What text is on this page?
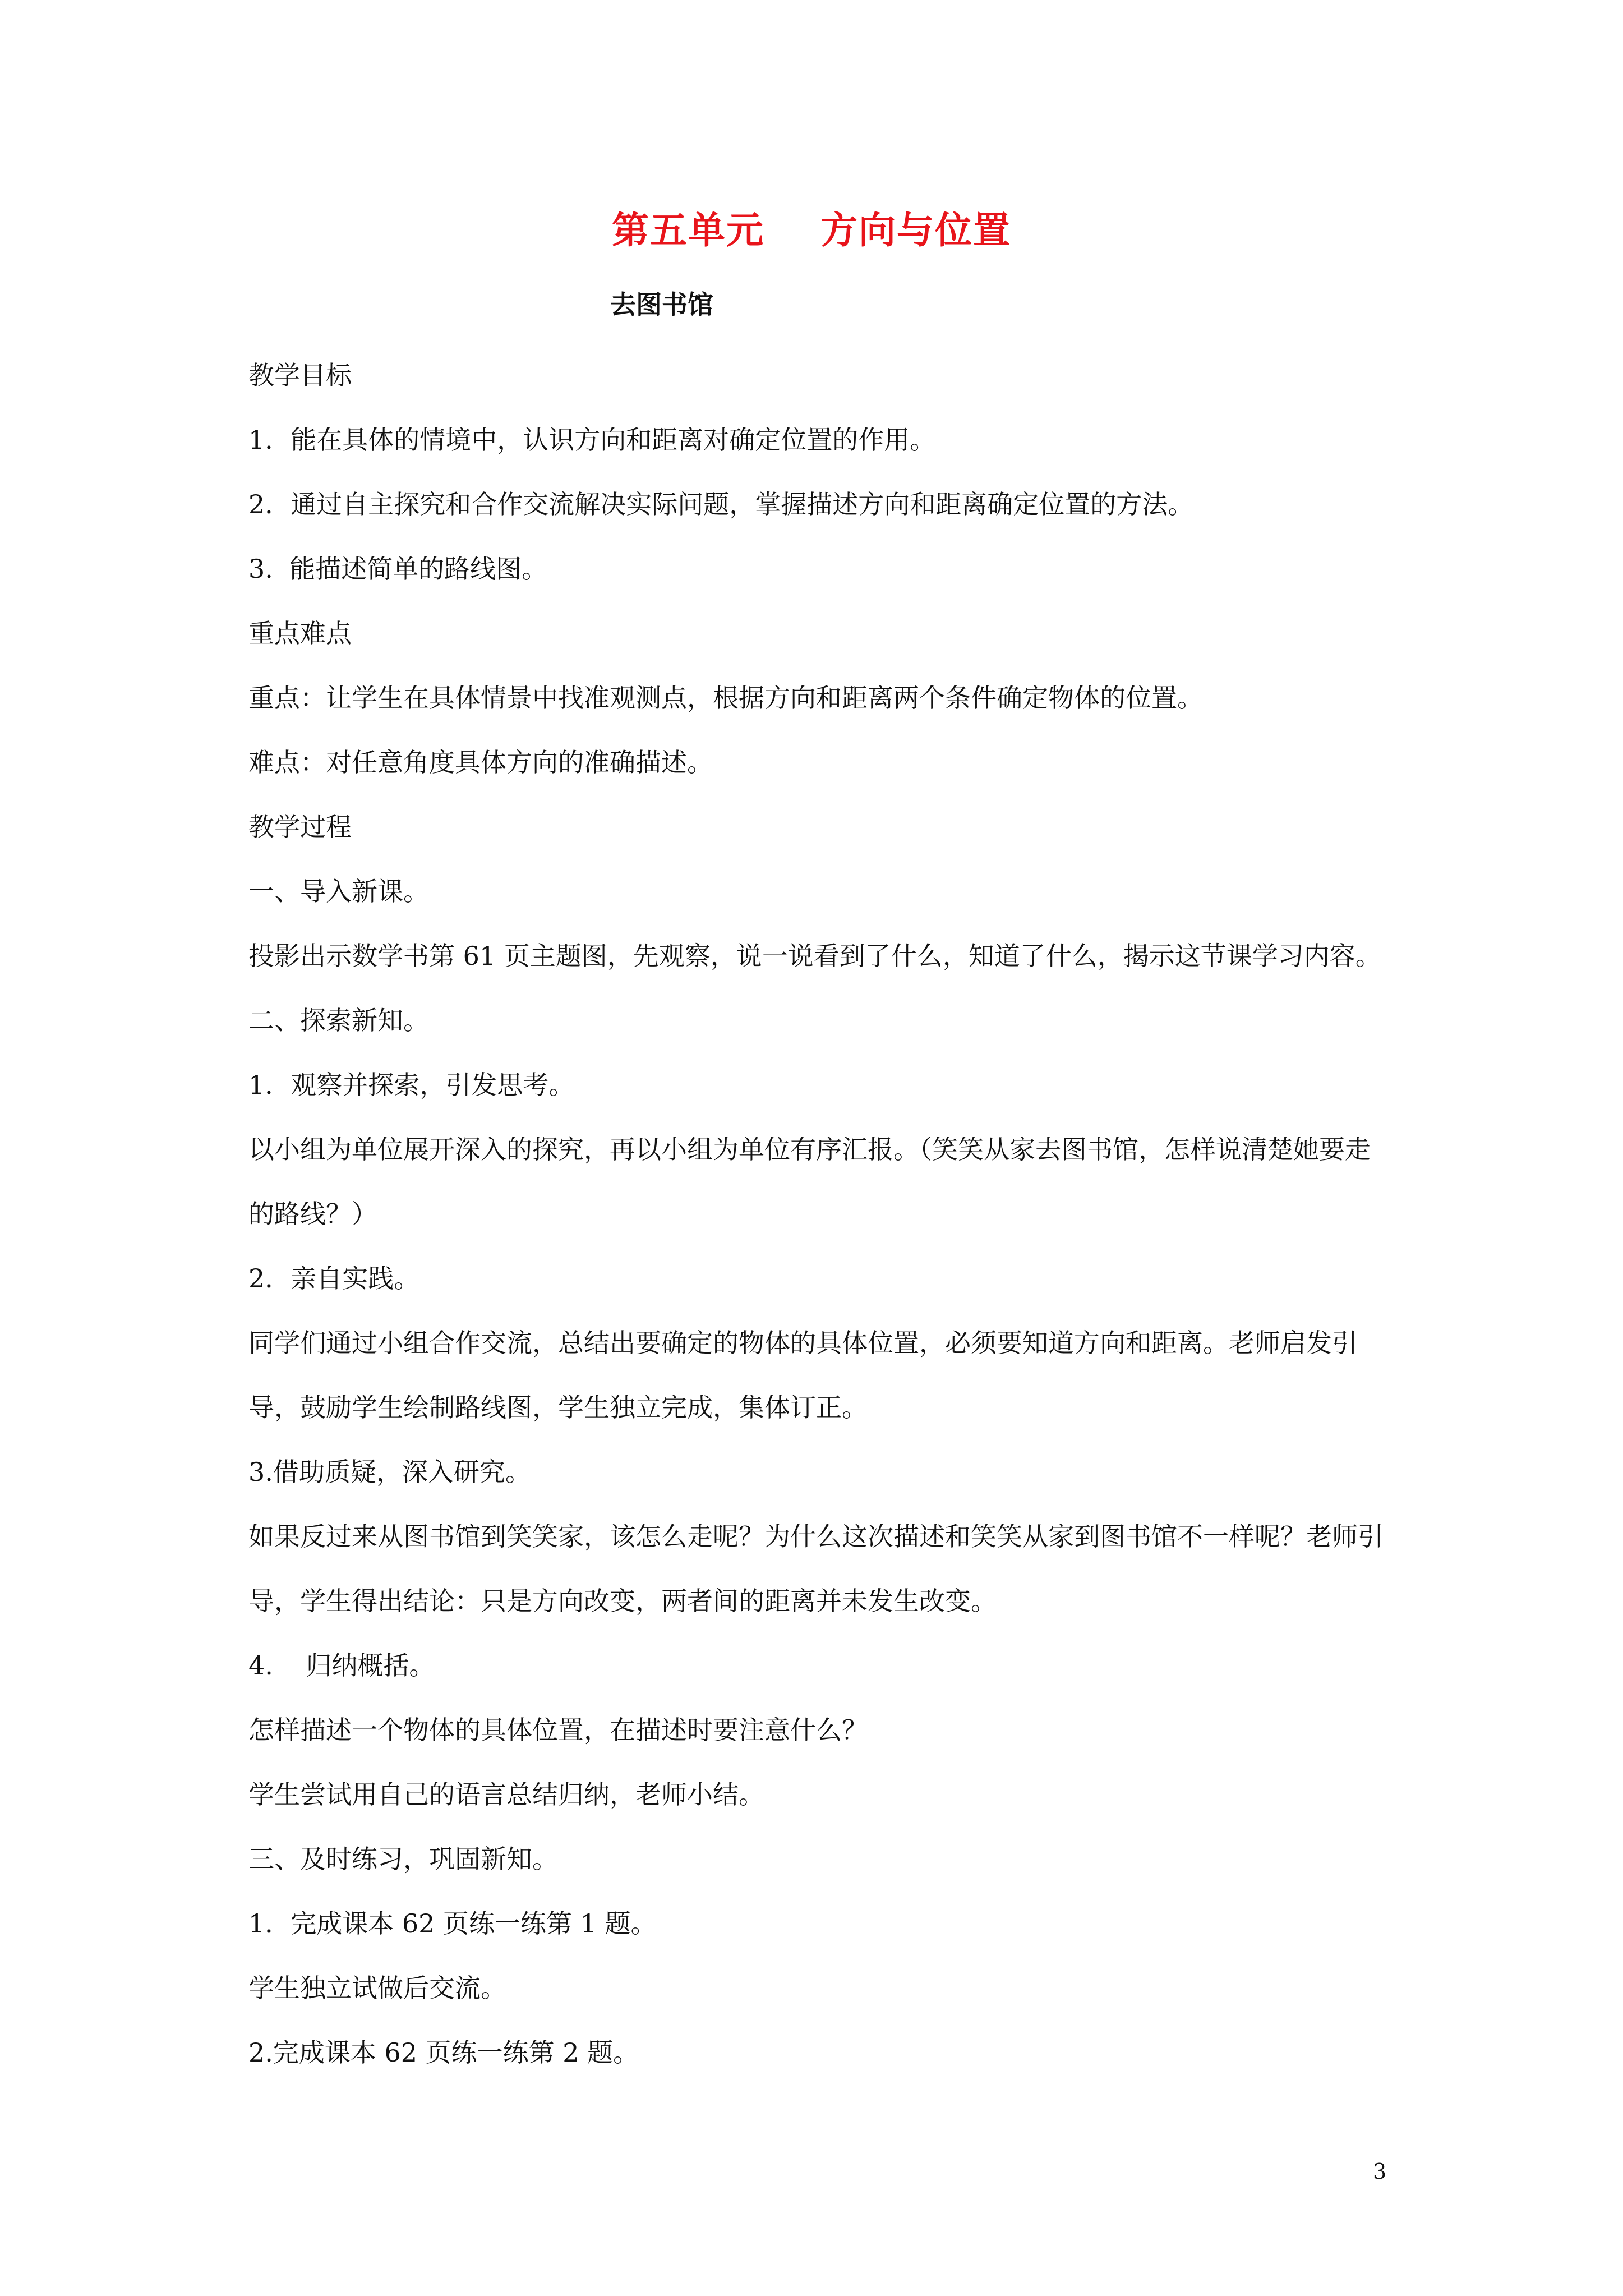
第五单元    方向与位置
去图书馆

教学目标

1．能在具体的情境中，认识方向和距离对确定位置的作用。

2．通过自主探究和合作交流解决实际问题，掌握描述方向和距离确定位置的方法。

3.  能描述简单的路线图。

重点难点

重点：让学生在具体情景中找准观测点，根据方向和距离两个条件确定物体的位置。

难点：对任意角度具体方向的准确描述。

教学过程

一、导入新课。

投影出示数学书第 61 页主题图，先观察，说一说看到了什么，知道了什么，揭示这节课学习内容。

二、探索新知。

1．观察并探索，引发思考。

以小组为单位展开深入的探究，再以小组为单位有序汇报。（笑笑从家去图书馆，怎样说清楚她要走的路线？）

2．亲自实践。

同学们通过小组合作交流，总结出要确定的物体的具体位置，必须要知道方向和距离。老师启发引导，鼓励学生绘制路线图，学生独立完成，集体订正。

3.借助质疑，深入研究。

如果反过来从图书馆到笑笑家，该怎么走呢？为什么这次描述和笑笑从家到图书馆不一样呢？老师引导，学生得出结论：只是方向改变，两者间的距离并未发生改变。

4.    归纳概括。

怎样描述一个物体的具体位置，在描述时要注意什么？

学生尝试用自己的语言总结归纳，老师小结。

三、及时练习，巩固新知。

1．完成课本 62 页练一练第 1 题。

学生独立试做后交流。

2.完成课本 62 页练一练第 2 题。

3
